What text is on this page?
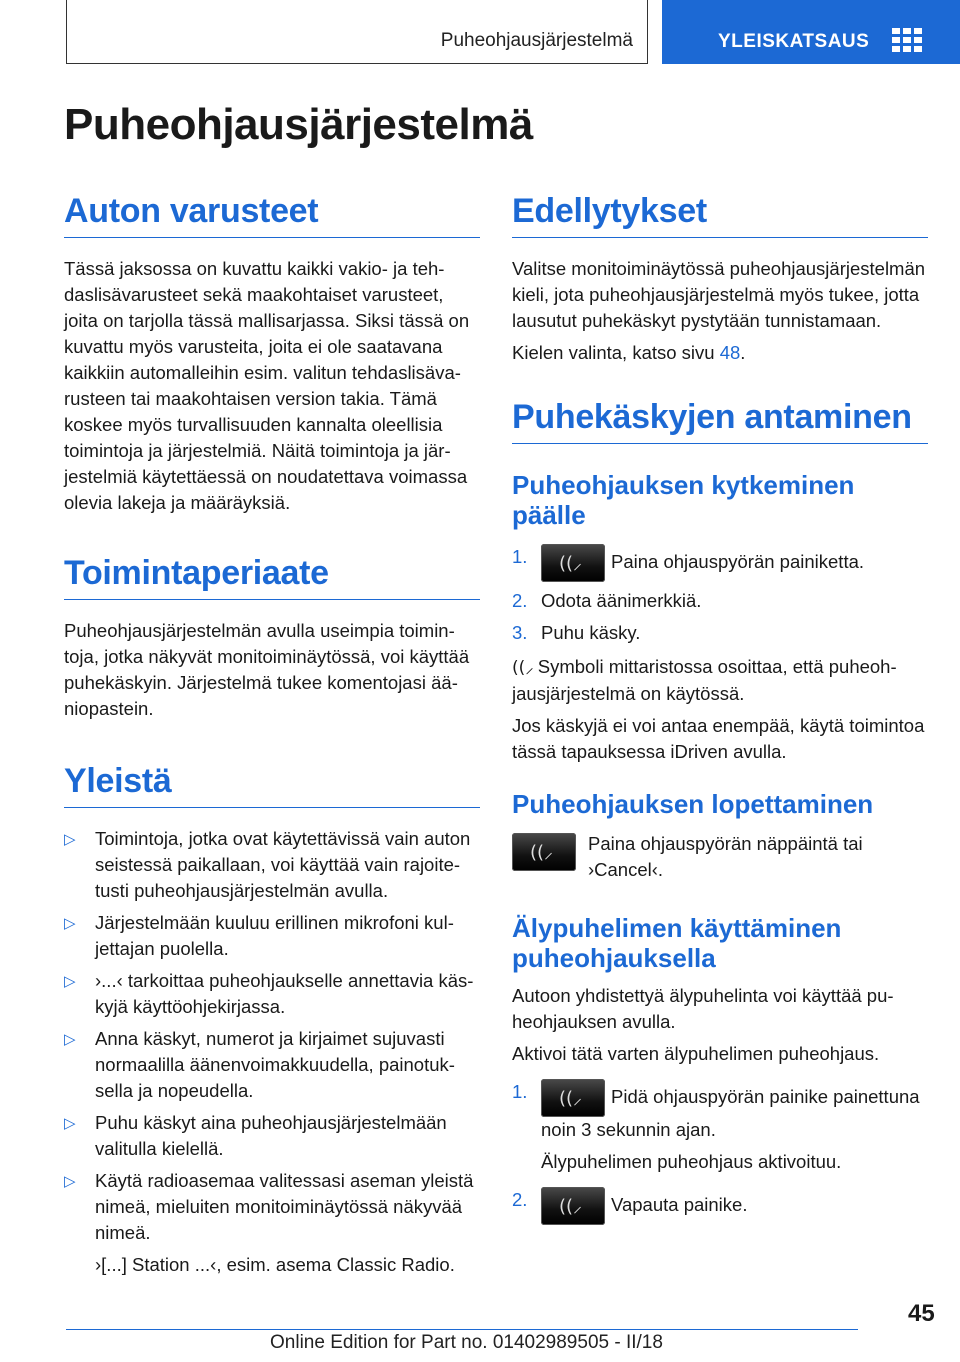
Puheohjausjärjestelmä	YLEISKATSAUS
Puheohjausjärjestelmä
Auton varusteet

Tässä jaksossa on kuvattu kaikki vakio- ja tehdaslisävarusteet sekä maakohtaiset varusteet, joita on tarjolla tässä mallisarjassa. Siksi tässä on kuvattu myös varusteita, joita ei ole saatavana kaikkiin automalleihin esim. valitun tehdaslisävarusteen tai maakohtaisen version takia. Tämä koskee myös turvallisuuden kannalta oleellisia toimintoja ja järjestelmiä. Näitä toimintoja ja järjestelmiä käytettäessä on noudatettava voimassa olevia lakeja ja määräyksiä.

Toimintaperiaate

Puheohjausjärjestelmän avulla useimpia toimintoja, jotka näkyvät monitoiminäytössä, voi käyttää puhekäskyin. Järjestelmä tukee komentojasi ääniopastein.

Yleistä
▷ Toimintoja, jotka ovat käytettävissä vain auton seistessä paikallaan, voi käyttää vain rajoitetusti puheohjausjärjestelmän avulla.
▷ Järjestelmään kuuluu erillinen mikrofoni kuljettajan puolella.
▷ ›...‹ tarkoittaa puheohjaukselle annettavia käskyjä käyttöohjekirjassa.
▷ Anna käskyt, numerot ja kirjaimet sujuvasti normaalilla äänenvoimakkuudella, painotuksella ja nopeudella.
▷ Puhu käskyt aina puheohjausjärjestelmään valitulla kielellä.
▷ Käytä radioasemaa valitessasi aseman yleistä nimeä, mieluiten monitoiminäytössä näkyvää nimeä.

›[...] Station ...‹, esim. asema Classic Radio.

Edellytykset

Valitse monitoiminäytössä puheohjausjärjestelmän kieli, jota puheohjausjärjestelmä myös tukee, jotta lausutut puhekäskyt pystytään tunnistamaan.

Kielen valinta, katso sivu 48.

Puhekäskyjen antaminen
Puheohjauksen kytkeminen päälle
1. ((⸝ Paina ohjauspyörän painiketta.
2. Odota äänimerkkiä.
3. Puhu käsky.

((⸝ Symboli mittaristossa osoittaa, että puheohjausjärjestelmä on käytössä.

Jos käskyjä ei voi antaa enempää, käytä toimintoa tässä tapauksessa iDriven avulla.

Puheohjauksen lopettaminen
((⸝ Paina ohjauspyörän näppäintä tai

›Cancel‹.

Älypuhelimen käyttäminen puheohjauksella

Autoon yhdistettyä älypuhelinta voi käyttää puheohjauksen avulla.

Aktivoi tätä varten älypuhelimen puheohjaus.

1. ((⸝ Pidä ohjauspyörän painike painettuna noin 3 sekunnin ajan.
Älypuhelimen puheohjaus aktivoituu.
2. ((⸝ Vapauta painike.
45
Online Edition for Part no. 01402989505 - II/18
